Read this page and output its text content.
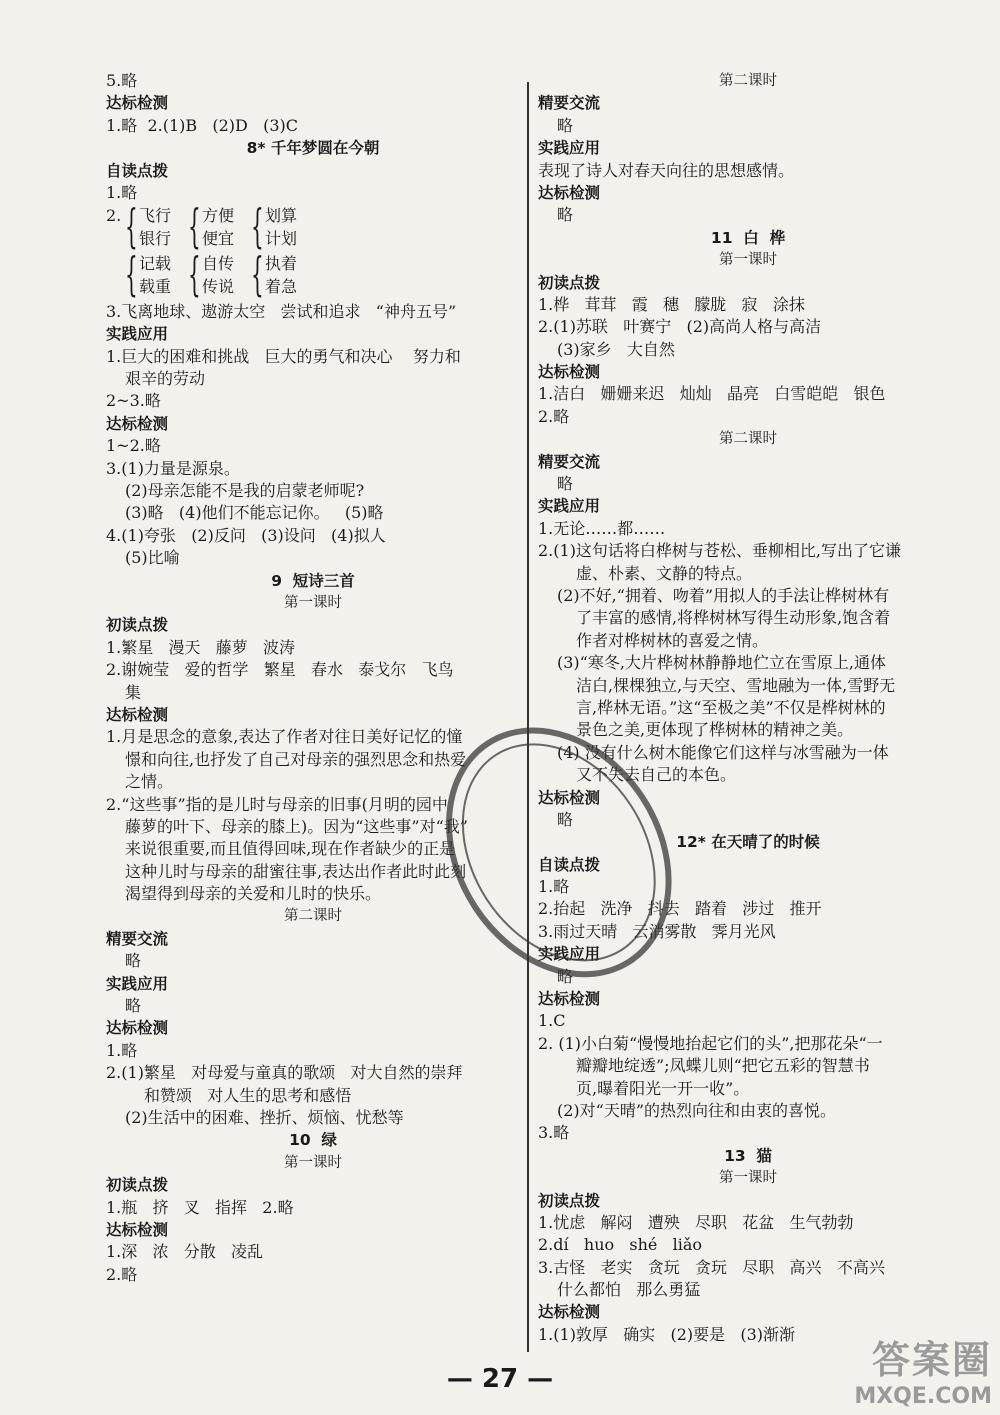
5.略
达标检测
1.略  2.(1)B   (2)D   (3)C
8* 千年梦圆在今朝
自读点拨
1.略
2. { 飞行
银行 { 方便
便宜 { 划算
计划
{ 记载
载重 { 自传
传说 { 执着
着急
3.飞离地球、遨游太空   尝试和追求   “神舟五号”
实践应用
1.巨大的困难和挑战   巨大的勇气和决心    努力和
艰辛的劳动
2~3.略
达标检测
1~2.略
3.(1)力量是源泉。
(2)母亲怎能不是我的启蒙老师呢?
(3)略   (4)他们不能忘记你。   (5)略
4.(1)夸张   (2)反问   (3)设问   (4)拟人
(5)比喻
9  短诗三首
第一课时
初读点拨
1.繁星   漫天   藤萝   波涛
2.谢婉莹   爱的哲学   繁星   春水   泰戈尔   飞鸟
集
达标检测
1.月是思念的意象,表达了作者对往日美好记忆的憧
憬和向往,也抒发了自己对母亲的强烈思念和热爱
之情。
2.“这些事”指的是儿时与母亲的旧事(月明的园中
藤萝的叶下、母亲的膝上)。因为“这些事”对“我”
来说很重要,而且值得回味,现在作者缺少的正是
这种儿时与母亲的甜蜜往事,表达出作者此时此刻
渴望得到母亲的关爱和儿时的快乐。
第二课时
精要交流
略
实践应用
略
达标检测
1.略
2.(1)繁星   对母爱与童真的歌颂   对大自然的崇拜
和赞颂   对人生的思考和感悟
(2)生活中的困难、挫折、烦恼、忧愁等
10  绿
第一课时
初读点拨
1.瓶   挤   叉   指挥   2.略
达标检测
1.深   浓   分散   凌乱
2.略
第二课时
精要交流
略
实践应用
表现了诗人对春天向往的思想感情。
达标检测
略
11  白  桦
第一课时
初读点拨
1.桦   茸茸   霞   穗   朦胧   寂   涂抹
2.(1)苏联   叶赛宁   (2)高尚人格与高洁
(3)家乡   大自然
达标检测
1.洁白   姗姗来迟   灿灿   晶亮   白雪皑皑   银色
2.略
第二课时
精要交流
略
实践应用
1.无论……都……
2.(1)这句话将白桦树与苍松、垂柳相比,写出了它谦
虚、朴素、文静的特点。
(2)不好,“拥着、吻着”用拟人的手法让桦树林有
了丰富的感情,将桦树林写得生动形象,饱含着
作者对桦树林的喜爱之情。
(3)“寒冬,大片桦树林静静地伫立在雪原上,通体
洁白,棵棵独立,与天空、雪地融为一体,雪野无
言,桦林无语。”这“至极之美”不仅是桦树林的
景色之美,更体现了桦树林的精神之美。
(4) 没有什么树木能像它们这样与冰雪融为一体
又不失去自己的本色。
达标检测
略
12* 在天晴了的时候
自读点拨
1.略
2.抬起   洗净   抖去   踏着   涉过   推开
3.雨过天晴   云消雾散   霁月光风
实践应用
略
达标检测
1.C
2. (1)小白菊“慢慢地抬起它们的头”,把那花朵“一
瓣瓣地绽透”;凤蝶儿则“把它五彩的智慧书
页,曝着阳光一开一收”。
(2)对“天晴”的热烈向往和由衷的喜悦。
3.略
13  猫
第一课时
初读点拨
1.忧虑   解闷   遭殃   尽职   花盆   生气勃勃
2.dí   huo   shé   liǎo
3.古怪   老实   贪玩   贪玩   尽职   高兴   不高兴
什么都怕   那么勇猛
达标检测
1.(1)敦厚   确实   (2)要是   (3)渐渐
— 27 —	答案圈
MXQE.COM
